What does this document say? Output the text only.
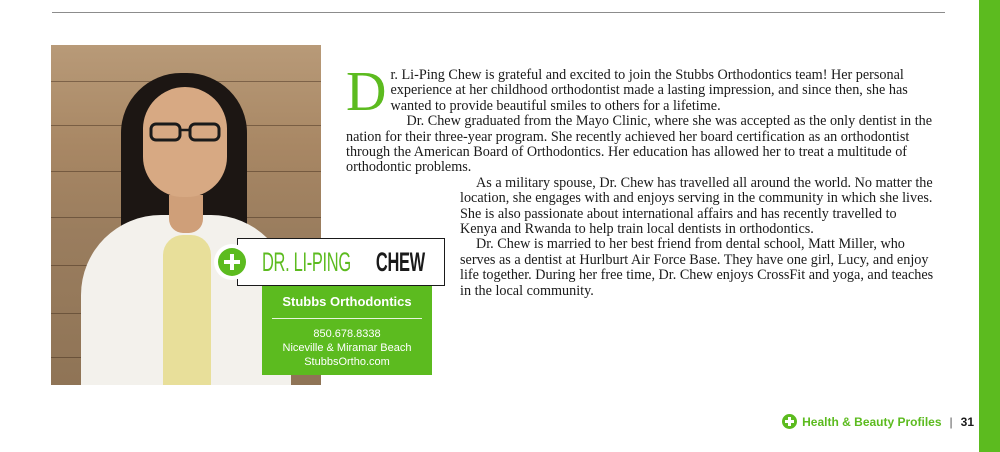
DR. LI-PINGCHEW
Stubbs Orthodontics
850.678.8338
Niceville & Miramar Beach
StubbsOrtho.com
D r. Li-Ping Chew is grateful and excited to join the Stubbs Orthodontics team! Her personal experience at her childhood orthodontist made a lasting impression, and since then, she has wanted to provide beautiful smiles to others for a lifetime.

Dr. Chew graduated from the Mayo Clinic, where she was accepted as the only dentist in the nation for their three-year program. She recently achieved her board certification as an orthodontist through the American Board of Orthodontics. Her education has allowed her to treat a multitude of orthodontic problems.

As a military spouse, Dr. Chew has travelled all around the world. No matter the location, she engages with and enjoys serving in the community in which she lives. She is also passionate about international affairs and has recently travelled to Kenya and Rwanda to help train local dentists in orthodontics.

Dr. Chew is married to her best friend from dental school, Matt Miller, who serves as a dentist at Hurlburt Air Force Base. They have one girl, Lucy, and enjoy life together. During her free time, Dr. Chew enjoys CrossFit and yoga, and teaches in the local community.

Health & Beauty Profiles | 31
